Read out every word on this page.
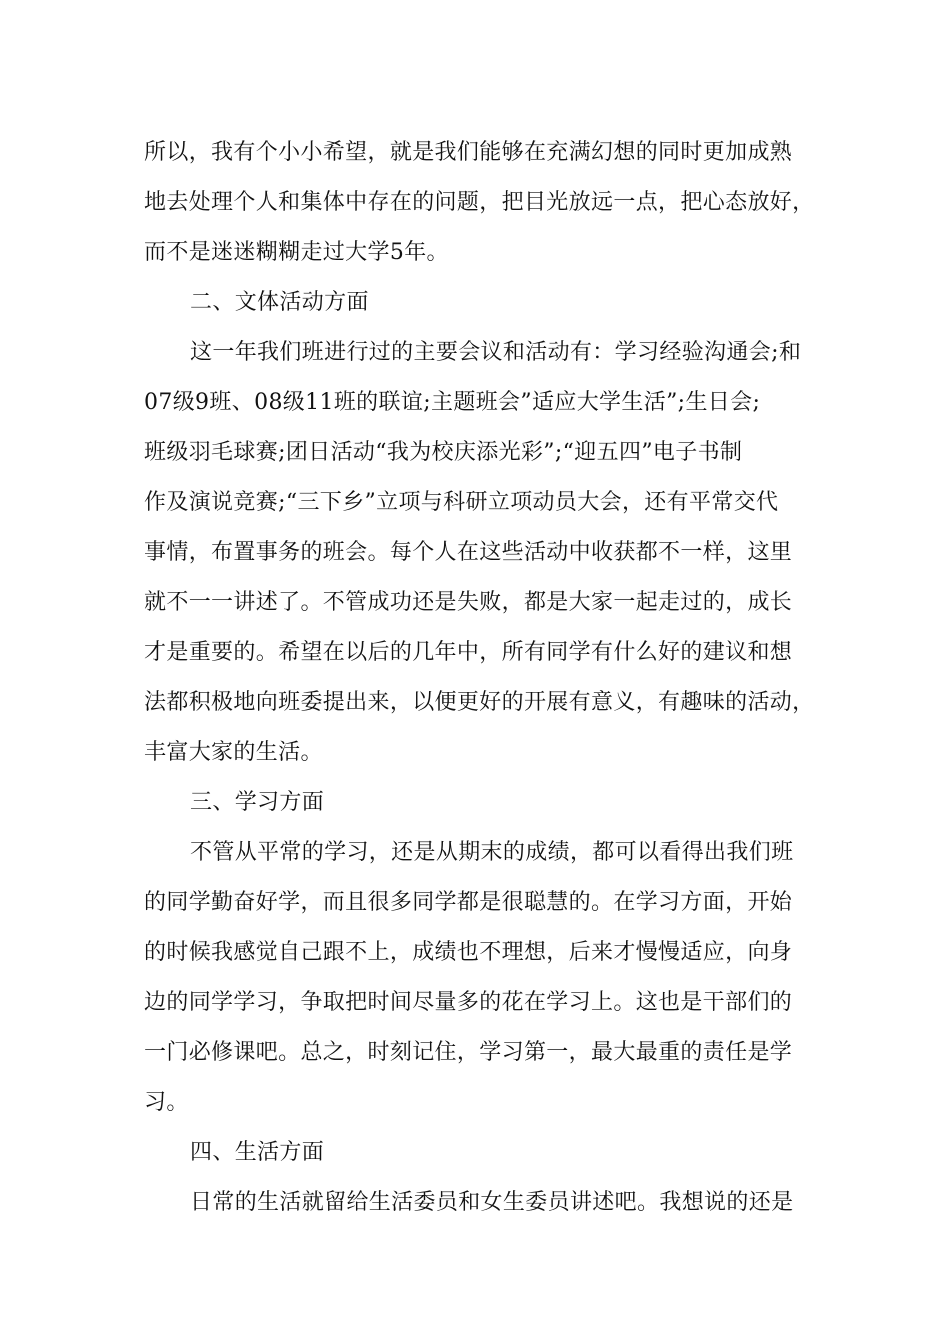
所以，我有个小小希望，就是我们能够在充满幻想的同时更加成熟
地去处理个人和集体中存在的问题，把目光放远一点，把心态放好，
而不是迷迷糊糊走过大学5年。
二、文体活动方面
这一年我们班进行过的主要会议和活动有：学习经验沟通会;和
07级9班、08级11班的联谊;主题班会”适应大学生活”;生日会;
班级羽毛球赛;团日活动“我为校庆添光彩”;“迎五四”电子书制
作及演说竞赛;“三下乡”立项与科研立项动员大会，还有平常交代
事情，布置事务的班会。每个人在这些活动中收获都不一样，这里
就不一一讲述了。不管成功还是失败，都是大家一起走过的，成长
才是重要的。希望在以后的几年中，所有同学有什么好的建议和想
法都积极地向班委提出来，以便更好的开展有意义，有趣味的活动，
丰富大家的生活。
三、学习方面
不管从平常的学习，还是从期末的成绩，都可以看得出我们班
的同学勤奋好学，而且很多同学都是很聪慧的。在学习方面，开始
的时候我感觉自己跟不上，成绩也不理想，后来才慢慢适应，向身
边的同学学习，争取把时间尽量多的花在学习上。这也是干部们的
一门必修课吧。总之，时刻记住，学习第一，最大最重的责任是学
习。
四、生活方面
日常的生活就留给生活委员和女生委员讲述吧。我想说的还是
